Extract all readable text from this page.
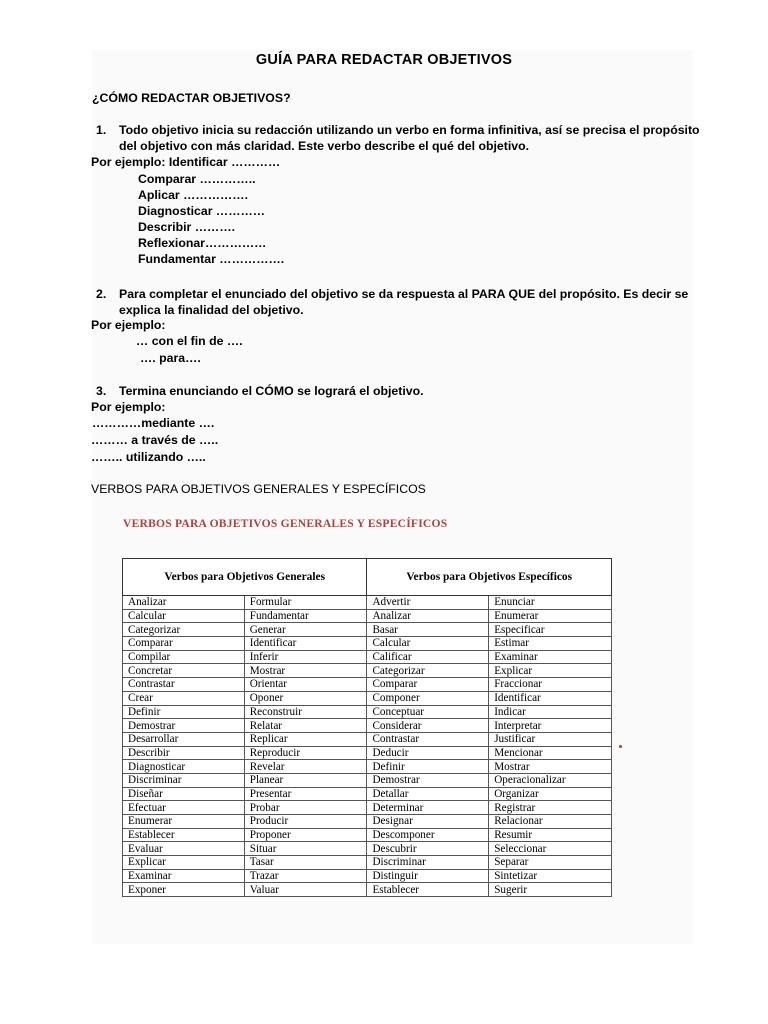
GUÍA PARA REDACTAR OBJETIVOS
¿CÓMO REDACTAR OBJETIVOS?
1. Todo objetivo inicia su redacción utilizando un verbo en forma infinitiva, así se precisa el propósito
del objetivo con más claridad. Este verbo describe el qué del objetivo.
Por ejemplo: Identificar …………
Comparar …………..
Aplicar …………….
Diagnosticar …………
Describir ……….
Reflexionar……………
Fundamentar …………….
2. Para completar el enunciado del objetivo se da respuesta al PARA QUE del propósito. Es decir se
explica la finalidad del objetivo.
Por ejemplo:
… con el fin de ….
…. para….
3. Termina enunciando el CÓMO se logrará el objetivo.
Por ejemplo:
…………mediante ….
……… a través de …..
…….. utilizando …..
VERBOS PARA OBJETIVOS GENERALES Y ESPECÍFICOS
VERBOS PARA OBJETIVOS GENERALES Y ESPECÍFICOS
Verbos para Objetivos Generales		Verbos para Objetivos Específicos	
Analizar	Formular	Advertir	Enunciar
Calcular	Fundamentar	Analizar	Enumerar
Categorizar	Generar	Basar	Especificar
Comparar	Identificar	Calcular	Estimar
Compilar	Inferir	Calificar	Examinar
Concretar	Mostrar	Categorizar	Explicar
Contrastar	Orientar	Comparar	Fraccionar
Crear	Oponer	Componer	Identificar
Definir	Reconstruir	Conceptuar	Indicar
Demostrar	Relatar	Considerar	Interpretar
Desarrollar	Replicar	Contrastar	Justificar
Describir	Reproducir	Deducir	Mencionar
Diagnosticar	Revelar	Definir	Mostrar
Discriminar	Planear	Demostrar	Operacionalizar
Diseñar	Presentar	Detallar	Organizar
Efectuar	Probar	Determinar	Registrar
Enumerar	Producir	Designar	Relacionar
Establecer	Proponer	Descomponer	Resumir
Evaluar	Situar	Descubrir	Seleccionar
Explicar	Tasar	Discriminar	Separar
Examinar	Trazar	Distinguir	Sintetizar
Exponer	Valuar	Establecer	Sugerir
